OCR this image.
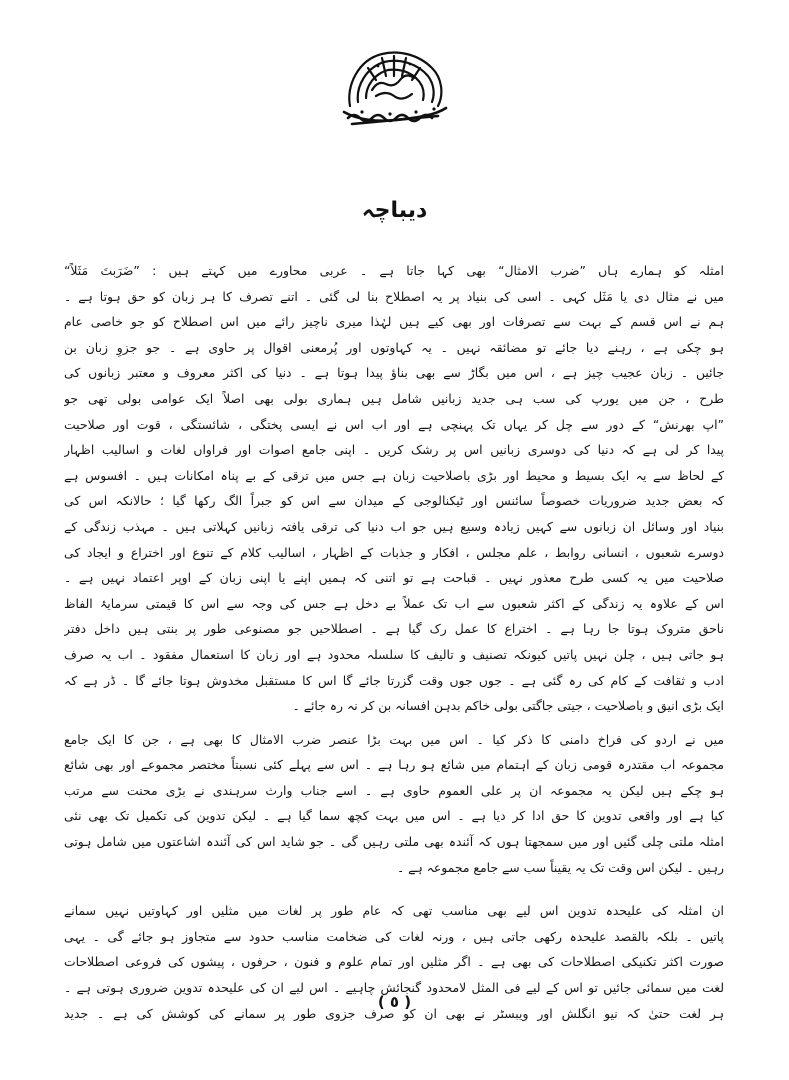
دیباچہ
امثلہ کو ہمارے ہاں ”ضرب الامثال“ بھی کہا جاتا ہے ۔ عربی محاورے میں کہتے ہیں : ”ضَرَبتَ مَثَلاً“
میں نے مثال دی یا مَثَل کہی ۔ اسی کی بنیاد پر یہ اصطلاح بنا لی گئی ۔ اتنے تصرف کا ہر زبان کو حق ہوتا ہے ۔
ہم نے اس قسم کے بہت سے تصرفات اور بھی کیے ہیں لہٰذا میری ناچیز رائے میں اس اصطلاح کو جو خاصی عام
ہو چکی ہے ، رہنے دیا جائے تو مضائقہ نہیں ۔ یہ کہاوتوں اور پُرمعنی اقوال پر حاوی ہے ۔ جو جزوِ زبان بن
جائیں ۔ زبان عجیب چیز ہے ، اس میں بگاڑ سے بھی بناؤ پیدا ہوتا ہے ۔ دنیا کی اکثر معروف و معتبر زبانوں کی
طرح ، جن میں یورپ کی سب ہی جدید زبانیں شامل ہیں ہماری بولی بھی اصلاً ایک عوامی بولی تھی جو
”اپ بھرنش“ کے دور سے چل کر یہاں تک پہنچی ہے اور اب اس نے ایسی پختگی ، شائستگی ، قوت اور صلاحیت
پیدا کر لی ہے کہ دنیا کی دوسری زبانیں اس پر رشک کریں ۔ اپنی جامع اصوات اور فراواں لغات و اسالیب اظہار
کے لحاظ سے یہ ایک بسیط و محیط اور بڑی باصلاحیت زبان ہے جس میں ترقی کے بے پناہ امکانات ہیں ۔ افسوس ہے
کہ بعض جدید ضروریات خصوصاً سائنس اور ٹیکنالوجی کے میدان سے اس کو جبراً الگ رکھا گیا ؛ حالانکہ اس کی
بنیاد اور وسائل ان زبانوں سے کہیں زیادہ وسیع ہیں جو اب دنیا کی ترقی یافتہ زبانیں کہلاتی ہیں ۔ مہذب زندگی کے
دوسرے شعبوں ، انسانی روابط ، علم مجلس ، افکار و جذبات کے اظہار ، اسالیب کلام کے تنوع اور اختراع و ایجاد کی
صلاحیت میں یہ کسی طرح معذور نہیں ۔ قباحت ہے تو اتنی کہ ہمیں اپنے یا اپنی زبان کے اوپر اعتماد نہیں ہے ۔
اس کے علاوہ یہ زندگی کے اکثر شعبوں سے اب تک عملاً بے دخل ہے جس کی وجہ سے اس کا قیمتی سرمایۂ الفاظ
ناحق متروک ہوتا جا رہا ہے ۔ اختراع کا عمل رک گیا ہے ۔ اصطلاحیں جو مصنوعی طور پر بنتی ہیں داخل دفتر
ہو جاتی ہیں ، چلن نہیں پاتیں کیونکہ تصنیف و تالیف کا سلسلہ محدود ہے اور زبان کا استعمال مفقود ۔ اب یہ صرف
ادب و ثقافت کے کام کی رہ گئی ہے ۔ جوں جوں وقت گزرتا جائے گا اس کا مستقبل مخدوش ہوتا جائے گا ۔ ڈر ہے کہ
ایک بڑی انیق و باصلاحیت ، جیتی جاگتی بولی خاکم بدہن افسانہ بن کر نہ رہ جائے ۔
میں نے اردو کی فراخ دامنی کا ذکر کیا ۔ اس میں بہت بڑا عنصر ضرب الامثال کا بھی ہے ، جن کا ایک جامع
مجموعہ اب مقتدرہ قومی زبان کے اہتمام میں شائع ہو رہا ہے ۔ اس سے پہلے کئی نسبتاً مختصر مجموعے اور بھی شائع
ہو چکے ہیں لیکن یہ مجموعہ ان پر علی العموم حاوی ہے ۔ اسے جناب وارث سرہندی نے بڑی محنت سے مرتب
کیا ہے اور واقعی تدوین کا حق ادا کر دیا ہے ۔ اس میں بہت کچھ سما گیا ہے ۔ لیکن تدوین کی تکمیل تک بھی نئی
امثلہ ملتی چلی گئیں اور میں سمجھتا ہوں کہ آئندہ بھی ملتی رہیں گی ۔ جو شاید اس کی آئندہ اشاعتوں میں شامل ہوتی
رہیں ۔ لیکن اس وقت تک یہ یقیناً سب سے جامع مجموعہ ہے ۔
ان امثلہ کی علیحدہ تدوین اس لیے بھی مناسب تھی کہ عام طور پر لغات میں مثلیں اور کہاوتیں نہیں سمانے
پاتیں ۔ بلکہ بالقصد علیحدہ رکھی جاتی ہیں ، ورنہ لغات کی ضخامت مناسب حدود سے متجاوز ہو جائے گی ۔ یہی
صورت اکثر تکنیکی اصطلاحات کی بھی ہے ۔ اگر مثلیں اور تمام علوم و فنون ، حرفوں ، پیشوں کی فروعی اصطلاحات
لغت میں سمائی جائیں تو اس کے لیے فی المثل لامحدود گنجائش چاہیے ۔ اس لیے ان کی علیحدہ تدوین ضروری ہوتی ہے ۔
ہر لغت حتیٰ کہ نیو انگلش اور ویبسٹر نے بھی ان کو صرف جزوی طور پر سمانے کی کوشش کی ہے ۔ جدید
( ٥ )
